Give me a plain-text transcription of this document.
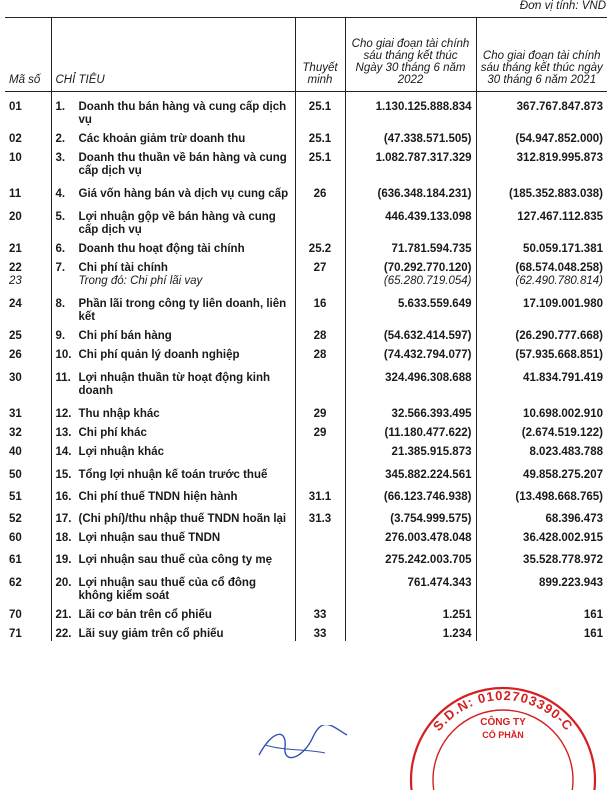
Đơn vị tính: VND
Mã số	CHỈ TIÊU	Thuyết minh	Cho giai đoạn tài chính sáu tháng kết thúc Ngày 30 tháng 6 năm 2022	Cho giai đoạn tài chính sáu tháng kết thúc ngày 30 tháng 6 năm 2021
01	1. Doanh thu bán hàng và cung cấp dịch vụ	25.1	1.130.125.888.834	367.767.847.873
02	2. Các khoản giảm trừ doanh thu	25.1	(47.338.571.505)	(54.947.852.000)
10	3. Doanh thu thuần về bán hàng và cung cấp dịch vụ	25.1	1.082.787.317.329	312.819.995.873
11	4. Giá vốn hàng bán và dịch vụ cung cấp	26	(636.348.184.231)	(185.352.883.038)
20	5. Lợi nhuận gộp về bán hàng và cung cấp dịch vụ		446.439.133.098	127.467.112.835
21	6. Doanh thu hoạt động tài chính	25.2	71.781.594.735	50.059.171.381
22	7. Chi phí tài chính	27	(70.292.770.120)	(68.574.048.258)
23	Trong đó: Chi phí lãi vay		(65.280.719.054)	(62.490.780.814)
24	8. Phần lãi trong công ty liên doanh, liên kết	16	5.633.559.649	17.109.001.980
25	9. Chi phí bán hàng	28	(54.632.414.597)	(26.290.777.668)
26	10. Chi phí quản lý doanh nghiệp	28	(74.432.794.077)	(57.935.668.851)
30	11. Lợi nhuận thuần từ hoạt động kinh doanh		324.496.308.688	41.834.791.419
31	12. Thu nhập khác	29	32.566.393.495	10.698.002.910
32	13. Chi phí khác	29	(11.180.477.622)	(2.674.519.122)
40	14. Lợi nhuận khác		21.385.915.873	8.023.483.788
50	15. Tổng lợi nhuận kế toán trước thuế		345.882.224.561	49.858.275.207
51	16. Chi phí thuế TNDN hiện hành	31.1	(66.123.746.938)	(13.498.668.765)
52	17. (Chi phí)/thu nhập thuế TNDN hoãn lại	31.3	(3.754.999.575)	68.396.473
60	18. Lợi nhuận sau thuế TNDN		276.003.478.048	36.428.002.915
61	19. Lợi nhuận sau thuế của công ty mẹ		275.242.003.705	35.528.778.972
62	20. Lợi nhuận sau thuế của cổ đông không kiểm soát		761.474.343	899.223.943
70	21. Lãi cơ bản trên cổ phiếu	33	1.251	161
71	22. Lãi suy giảm trên cổ phiếu	33	1.234	161
S.D.N: 0102703390-C
CÔNG TY
CỔ PHẦN
